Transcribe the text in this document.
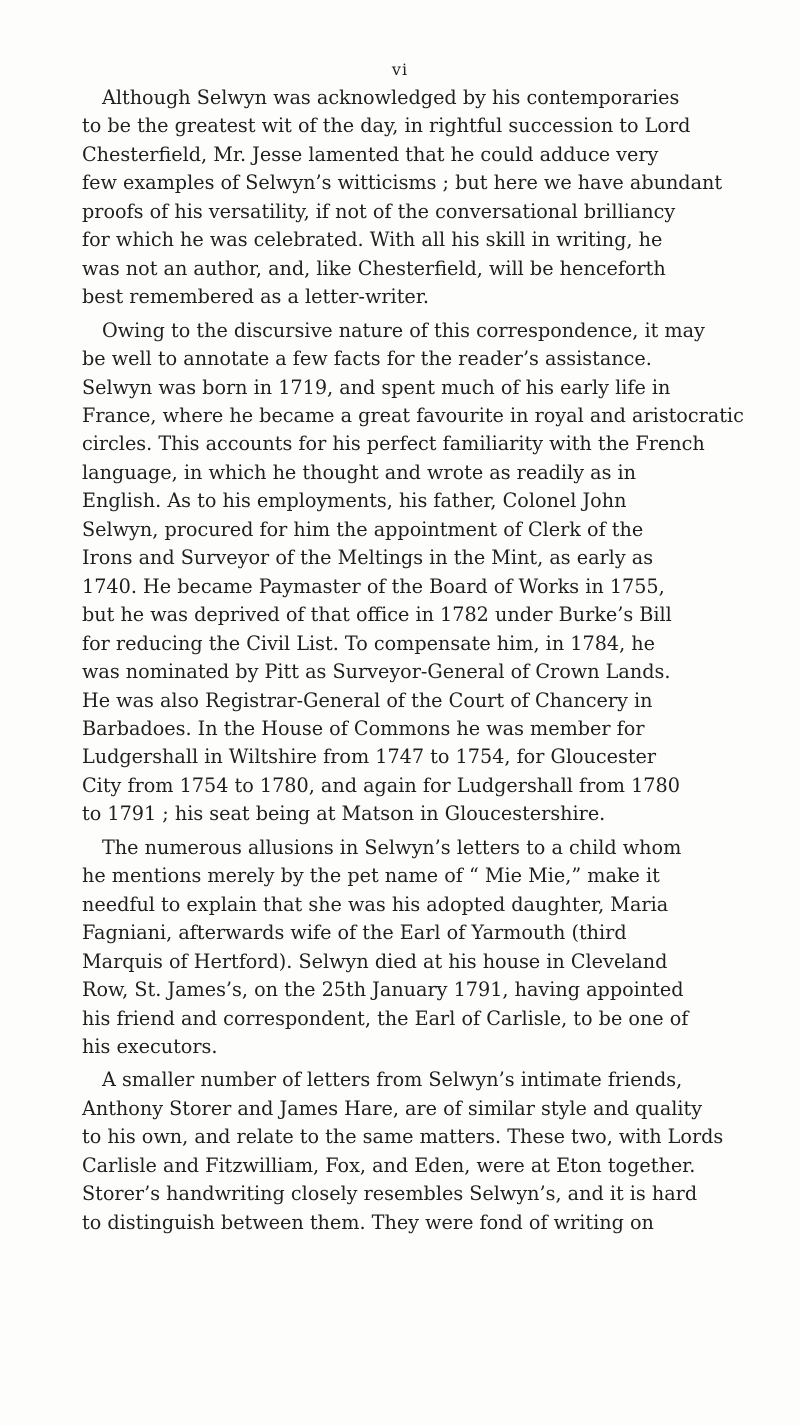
vi

Although Selwyn was acknowledged by his contemporaries

to be the greatest wit of the day, in rightful succession to Lord

Chesterfield, Mr. Jesse lamented that he could adduce very

few examples of Selwyn’s witticisms ; but here we have abundant

proofs of his versatility, if not of the conversational brilliancy

for which he was celebrated. With all his skill in writing, he

was not an author, and, like Chesterfield, will be henceforth

best remembered as a letter-writer.

Owing to the discursive nature of this correspondence, it may

be well to annotate a few facts for the reader’s assistance.

Selwyn was born in 1719, and spent much of his early life in

France, where he became a great favourite in royal and aristocratic

circles. This accounts for his perfect familiarity with the French

language, in which he thought and wrote as readily as in

English. As to his employments, his father, Colonel John

Selwyn, procured for him the appointment of Clerk of the

Irons and Surveyor of the Meltings in the Mint, as early as

1740. He became Paymaster of the Board of Works in 1755,

but he was deprived of that office in 1782 under Burke’s Bill

for reducing the Civil List. To compensate him, in 1784, he

was nominated by Pitt as Surveyor-General of Crown Lands.

He was also Registrar-General of the Court of Chancery in

Barbadoes. In the House of Commons he was member for

Ludgershall in Wiltshire from 1747 to 1754, for Gloucester

City from 1754 to 1780, and again for Ludgershall from 1780

to 1791 ; his seat being at Matson in Gloucestershire.

The numerous allusions in Selwyn’s letters to a child whom

he mentions merely by the pet name of “ Mie Mie,” make it

needful to explain that she was his adopted daughter, Maria

Fagniani, afterwards wife of the Earl of Yarmouth (third

Marquis of Hertford). Selwyn died at his house in Cleveland

Row, St. James’s, on the 25th January 1791, having appointed

his friend and correspondent, the Earl of Carlisle, to be one of

his executors.

A smaller number of letters from Selwyn’s intimate friends,

Anthony Storer and James Hare, are of similar style and quality

to his own, and relate to the same matters. These two, with Lords

Carlisle and Fitzwilliam, Fox, and Eden, were at Eton together.

Storer’s handwriting closely resembles Selwyn’s, and it is hard

to distinguish between them. They were fond of writing on
